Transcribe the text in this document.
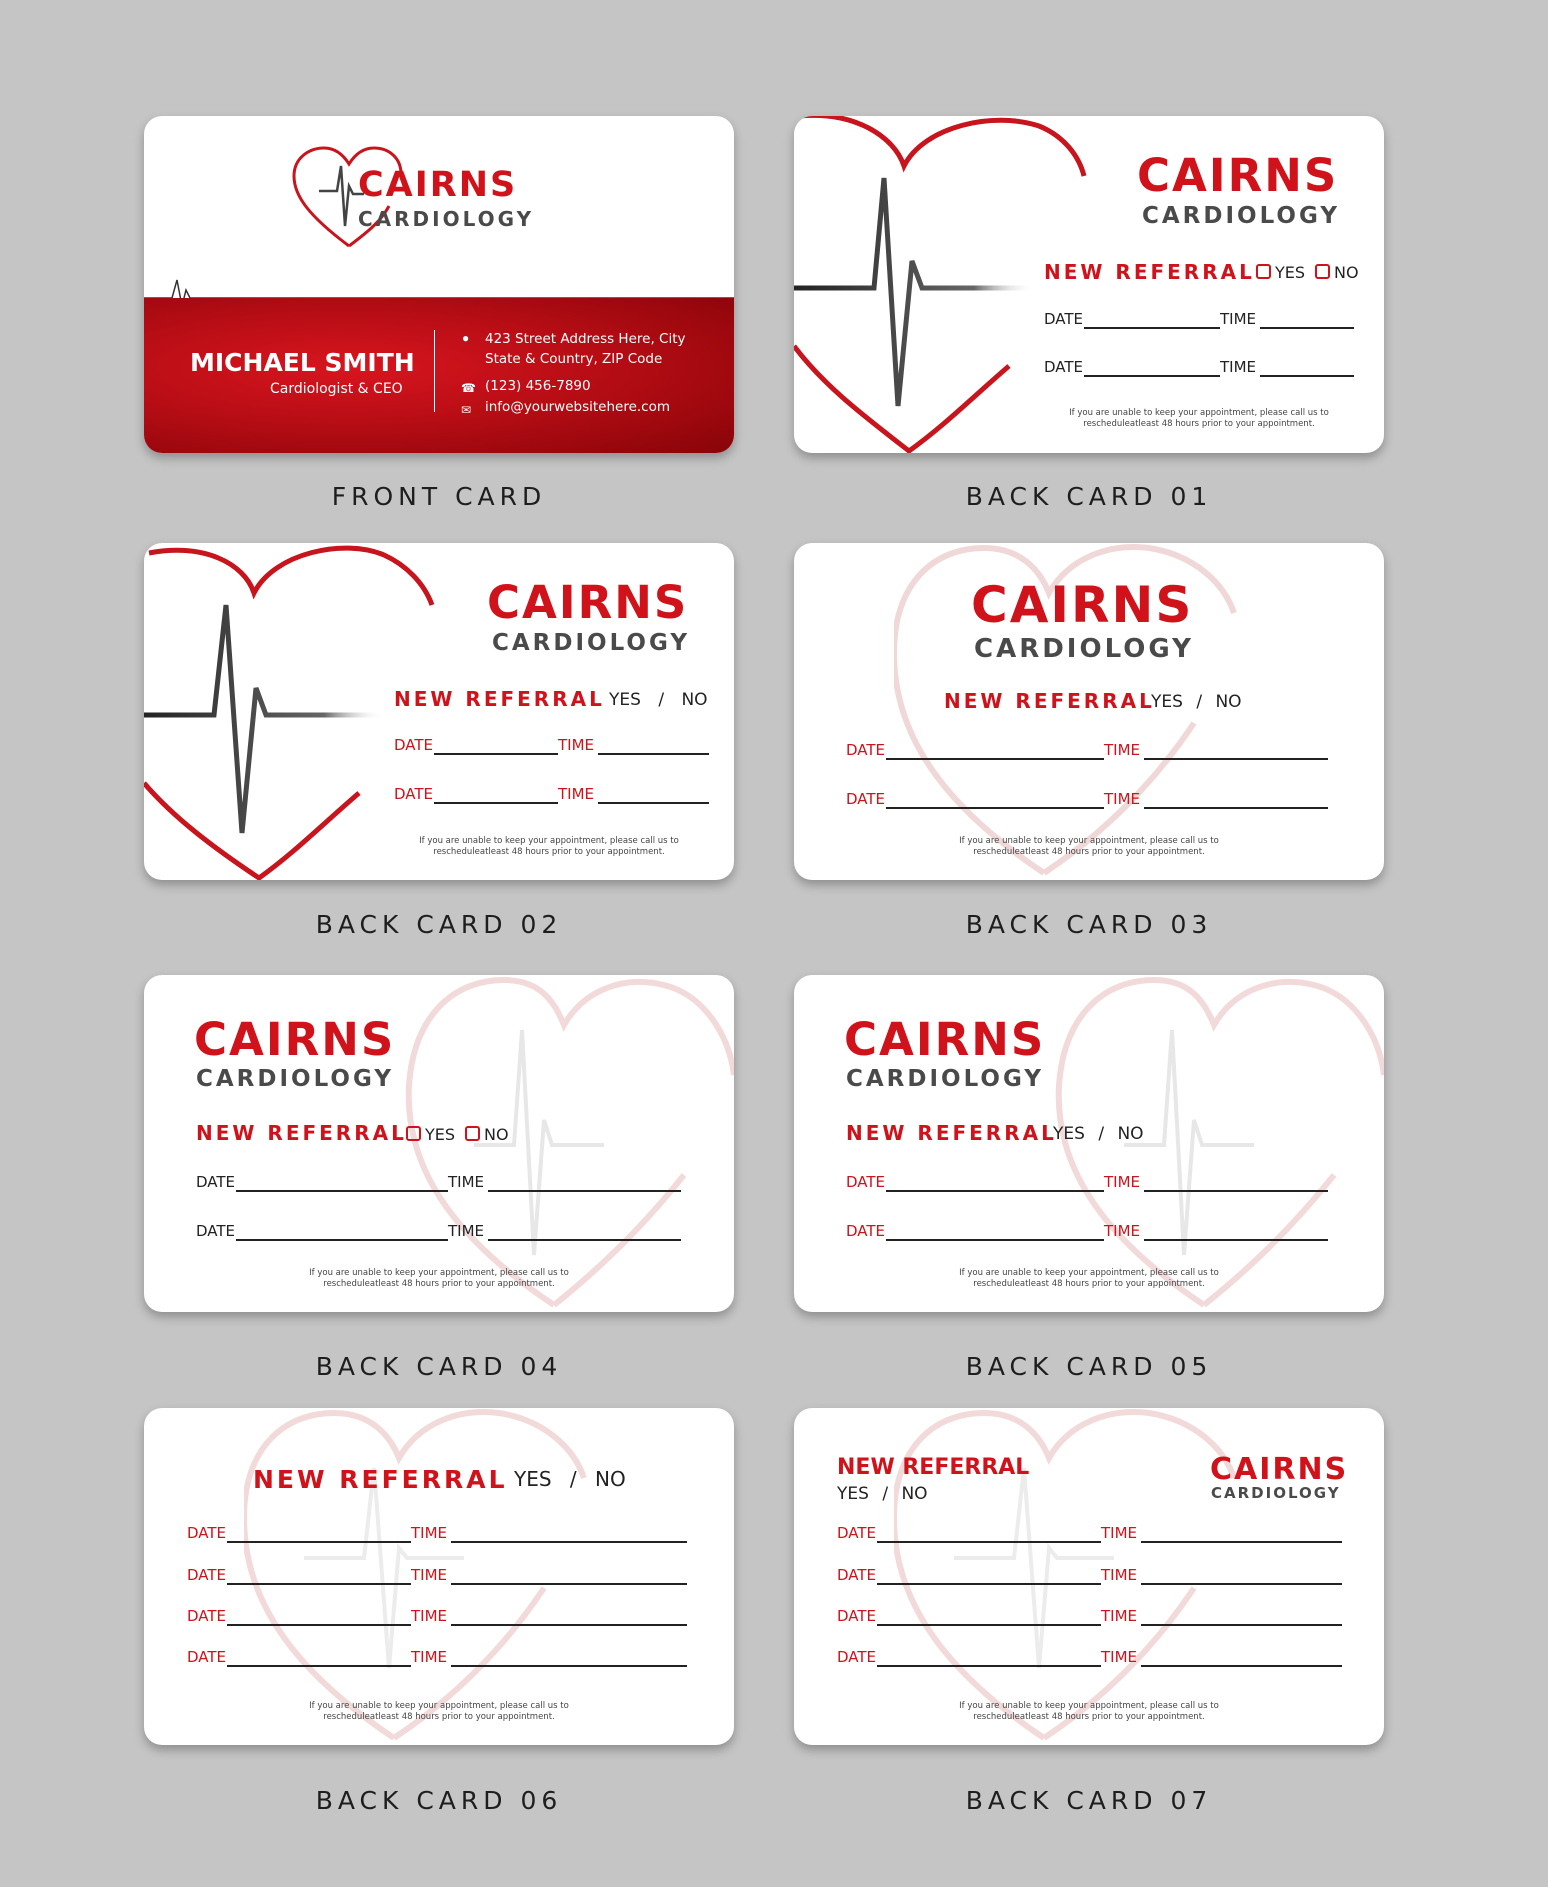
CAIRNS
CARDIOLOGY
MICHAEL SMITH
Cardiologist & CEO
● 423 Street Address Here, City
State & Country, ZIP Code
☎ (123) 456-7890
✉ info@yourwebsitehere.com
FRONT CARD
CAIRNS
CARDIOLOGY
NEW REFERRAL	YES NO
DATE	TIME
DATE	TIME
If you are unable to keep your appointment, please call us to
rescheduleatleast 48 hours prior to your appointment.
BACK CARD 01
CAIRNS
CARDIOLOGY
NEW REFERRAL YES / NO
DATE	TIME
DATE	TIME
If you are unable to keep your appointment, please call us to
rescheduleatleast 48 hours prior to your appointment.
BACK CARD 02
CAIRNS
CARDIOLOGY
NEW REFERRAL
YES / NO
DATE	TIME
DATE	TIME
If you are unable to keep your appointment, please call us to
rescheduleatleast 48 hours prior to your appointment.
BACK CARD 03
CAIRNS
CARDIOLOGY
NEW REFERRAL	YES NO
DATE	TIME
DATE	TIME
If you are unable to keep your appointment, please call us to
rescheduleatleast 48 hours prior to your appointment.
BACK CARD 04
CAIRNS
CARDIOLOGY
NEW REFERRAL
YES / NO
DATE	TIME
DATE	TIME
If you are unable to keep your appointment, please call us to
rescheduleatleast 48 hours prior to your appointment.
BACK CARD 05
NEW REFERRAL YES / NO
DATE	TIME
DATE	TIME
DATE	TIME
DATE	TIME
If you are unable to keep your appointment, please call us to
rescheduleatleast 48 hours prior to your appointment.
BACK CARD 06
NEW REFERRAL
YES / NO
CAIRNS
CARDIOLOGY
DATE	TIME
DATE	TIME
DATE	TIME
DATE	TIME
If you are unable to keep your appointment, please call us to
rescheduleatleast 48 hours prior to your appointment.
BACK CARD 07
